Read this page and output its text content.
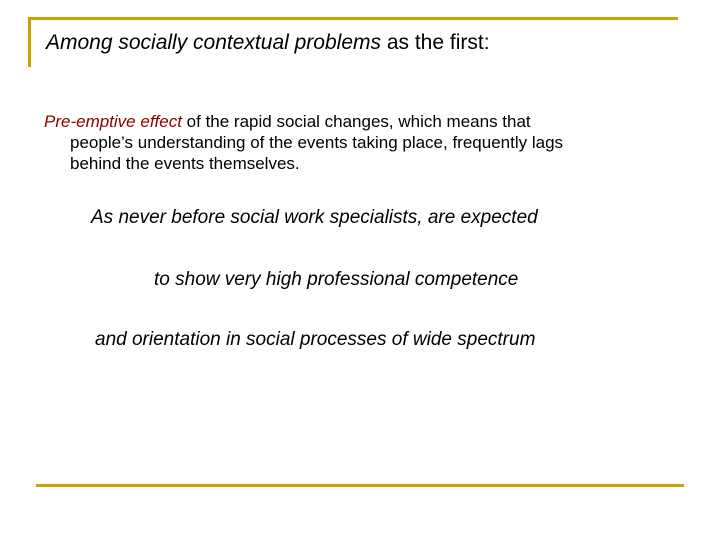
Among socially contextual problems as the first:

Pre-emptive effect of the rapid social changes, which means that
people’s understanding of the events taking place, frequently lags
behind the events themselves.

As never before social work specialists, are expected

to show very high professional competence

and orientation in social processes of wide spectrum
